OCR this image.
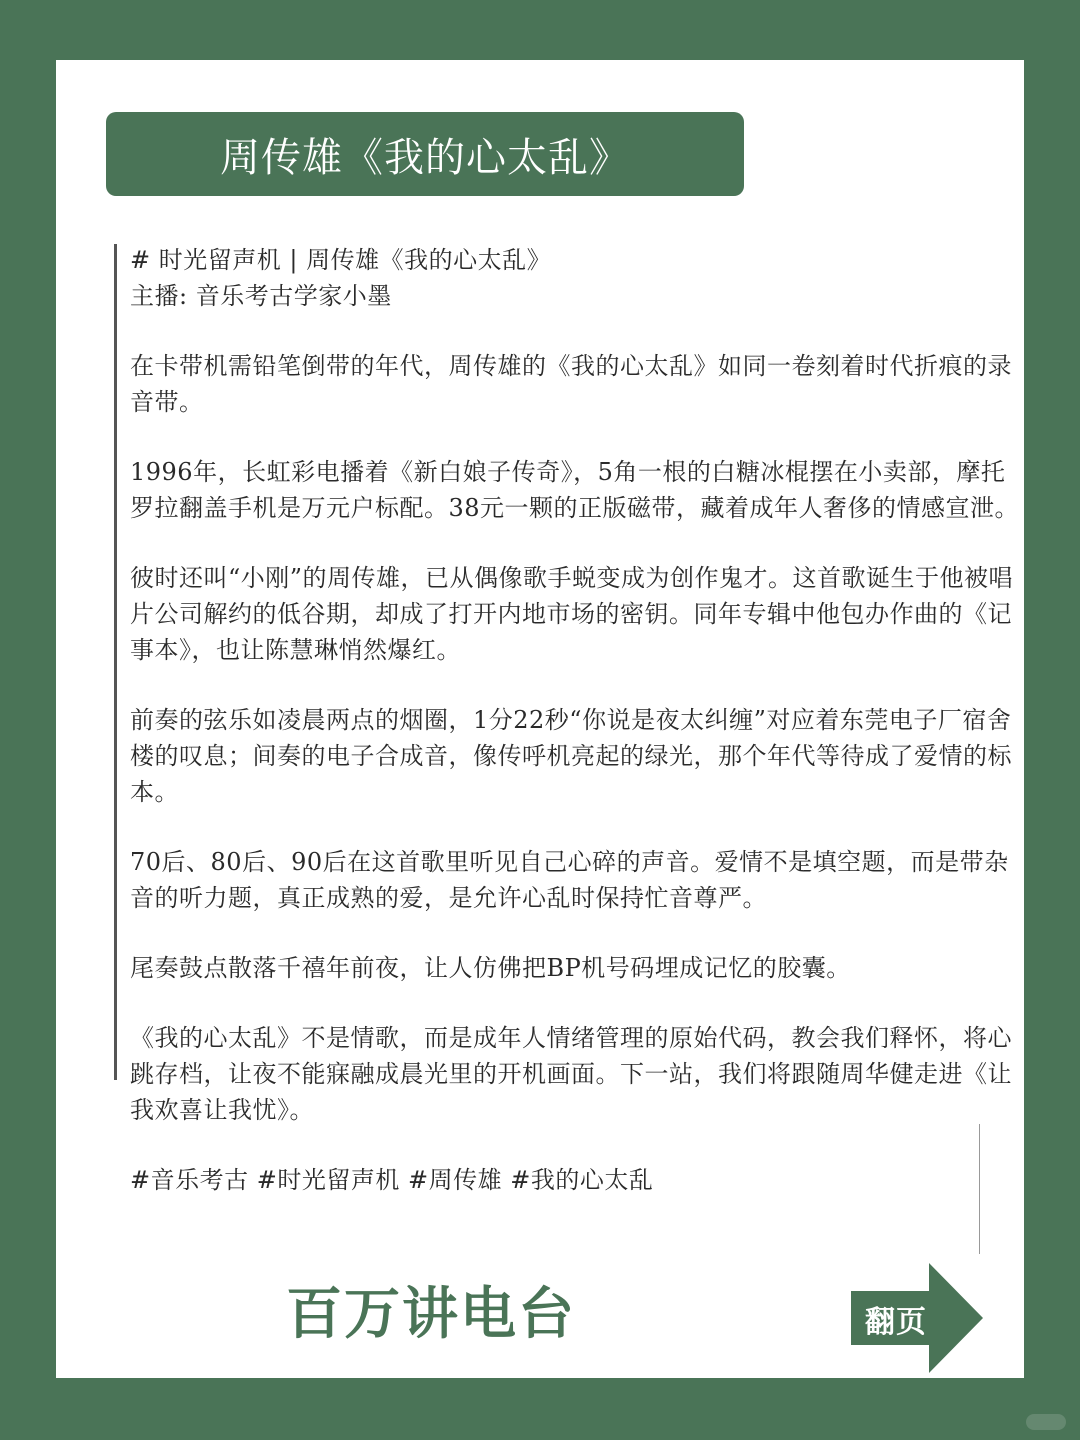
周传雄《我的心太乱》

# 时光留声机 | 周传雄《我的心太乱》

主播: 音乐考古学家小墨

在卡带机需铅笔倒带的年代，周传雄的《我的心太乱》如同一卷刻着时代折痕的录音带。

1996年，长虹彩电播着《新白娘子传奇》，5角一根的白糖冰棍摆在小卖部，摩托罗拉翻盖手机是万元户标配。38元一颗的正版磁带，藏着成年人奢侈的情感宣泄。

彼时还叫“小刚”的周传雄，已从偶像歌手蜕变成为创作鬼才。这首歌诞生于他被唱片公司解约的低谷期，却成了打开内地市场的密钥。同年专辑中他包办作曲的《记事本》，也让陈慧琳悄然爆红。

前奏的弦乐如凌晨两点的烟圈，1分22秒“你说是夜太纠缠”对应着东莞电子厂宿舍楼的叹息；间奏的电子合成音，像传呼机亮起的绿光，那个年代等待成了爱情的标本。

70后、80后、90后在这首歌里听见自己心碎的声音。爱情不是填空题，而是带杂音的听力题，真正成熟的爱，是允许心乱时保持忙音尊严。

尾奏鼓点散落千禧年前夜，让人仿佛把BP机号码埋成记忆的胶囊。

《我的心太乱》不是情歌，而是成年人情绪管理的原始代码，教会我们释怀，将心跳存档，让夜不能寐融成晨光里的开机画面。下一站，我们将跟随周华健走进《让我欢喜让我忧》。

#音乐考古 #时光留声机 #周传雄 #我的心太乱

百万讲电台	翻页
